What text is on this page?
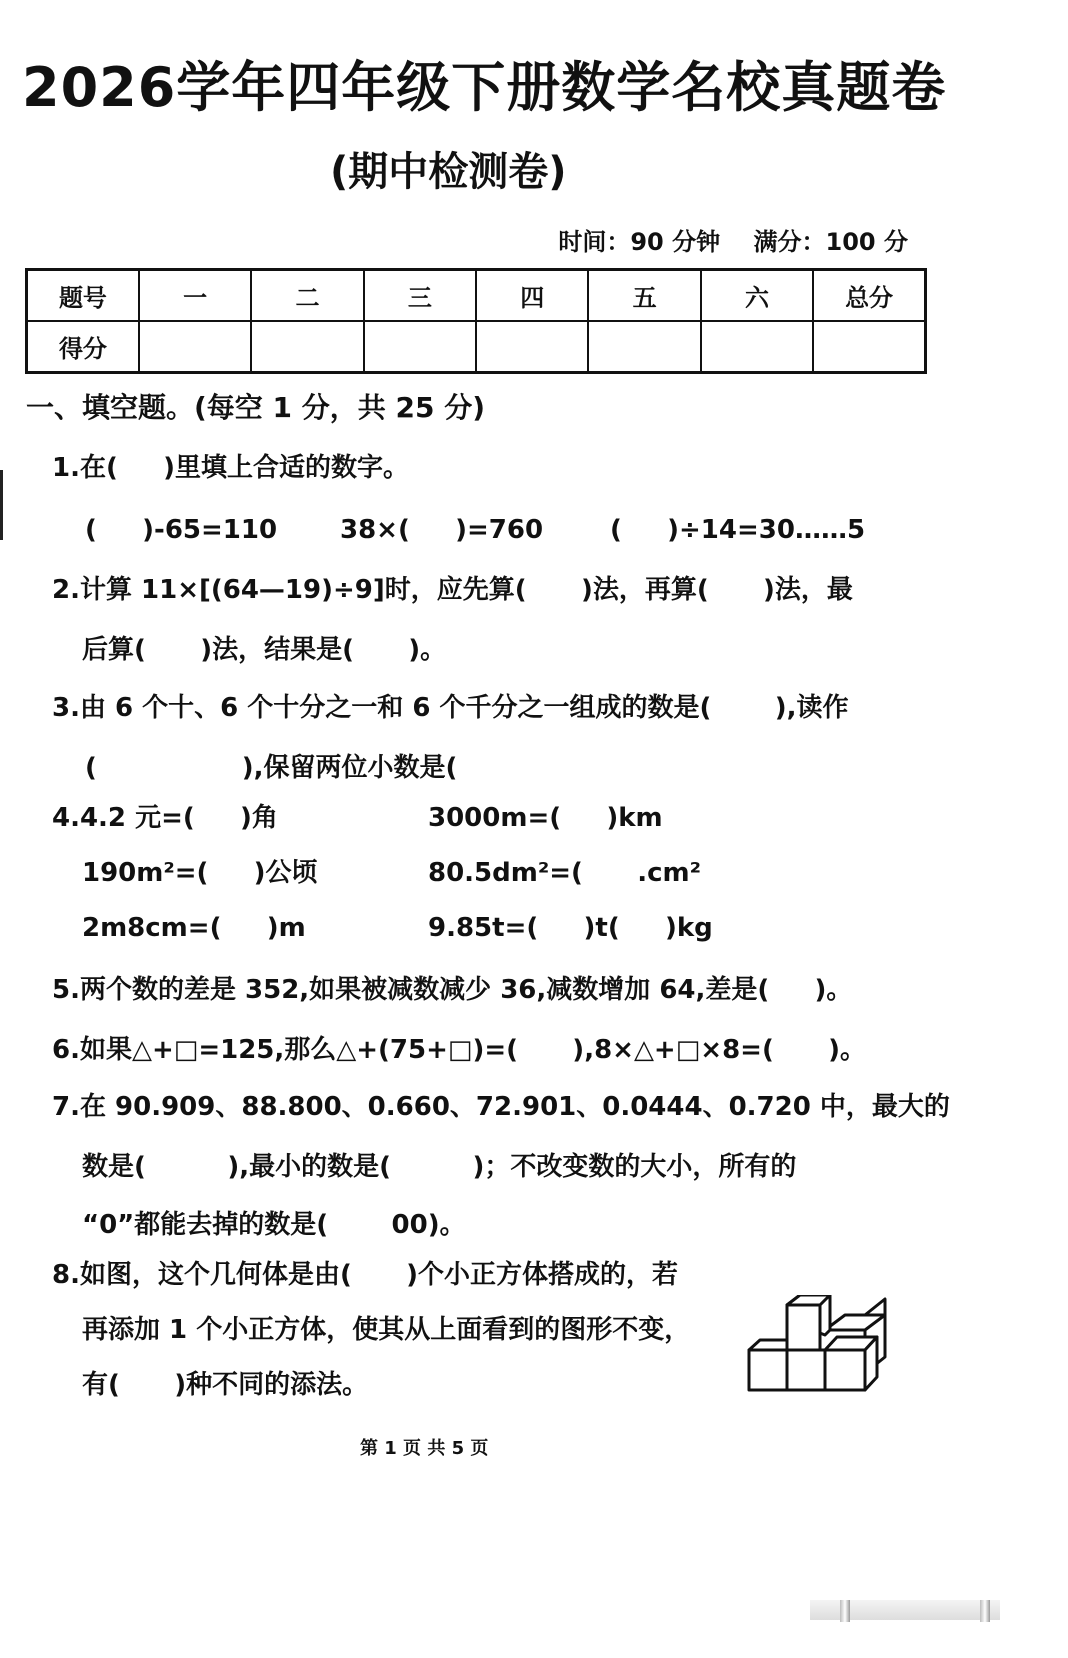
2026学年四年级下册数学名校真题卷
(期中检测卷)
时间：90 分钟    满分：100 分
题号	一	二	三	四	五	六	总分
得分							
一、填空题。(每空 1 分，共 25 分)
1.在(     )里填上合适的数字。
(     )-65=110 38×(     )=760	(     )÷14=30……5
2.计算 11×[(64—19)÷9]时，应先算(      )法，再算(      )法，最
后算(      )法，结果是(      )。
3.由 6 个十、6 个十分之一和 6 个千分之一组成的数是(       ),读作
(                ),保留两位小数是(
4.4.2 元=(     )角	3000m=(     )km
190m²=(     )公顷	80.5dm²=(      .cm²
2m8cm=(     )m	9.85t=(     )t(     )kg
5.两个数的差是 352,如果被减数减少 36,减数增加 64,差是(     )。
6.如果△+□=125,那么△+(75+□)=(      ),8×△+□×8=(      )。
7.在 90.909、88.800、0.660、72.901、0.0444、0.720 中，最大的
数是(         ),最小的数是(         )；不改变数的大小，所有的
“0”都能去掉的数是(       00)。
8.如图，这个几何体是由(      )个小正方体搭成的，若
再添加 1 个小正方体，使其从上面看到的图形不变，
有(      )种不同的添法。
第 1 页 共 5 页
